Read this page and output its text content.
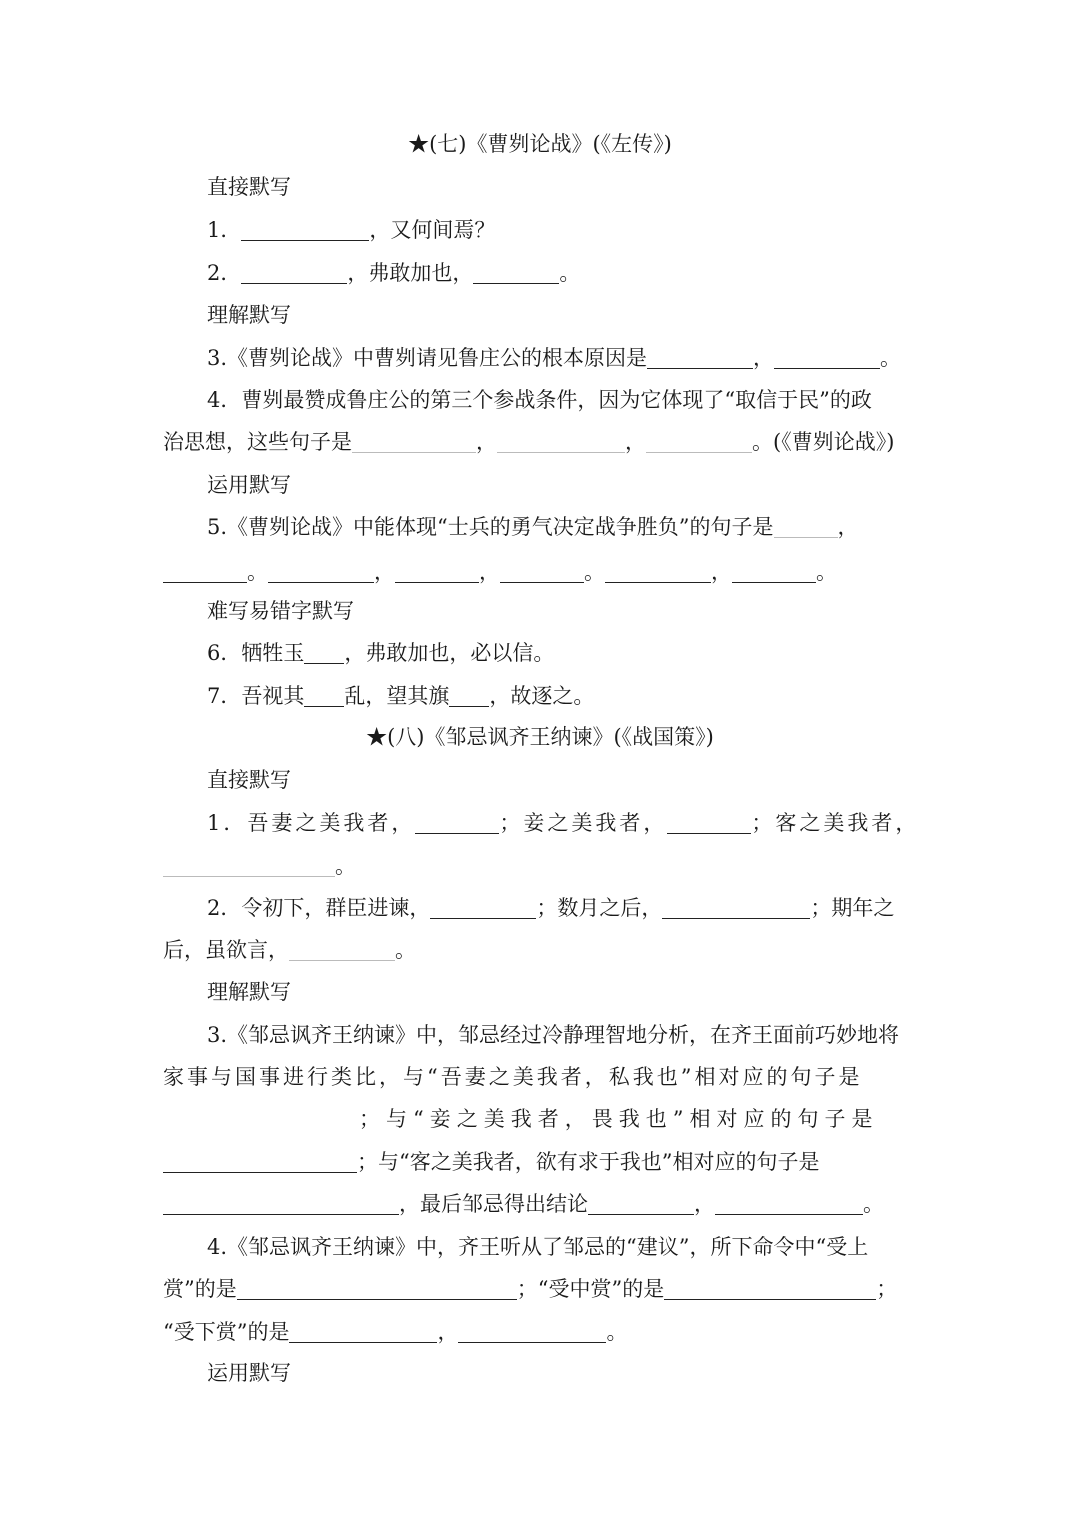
★(七)《曹刿论战》(《左传》)
直接默写
1．	，又何间焉？
2．	，弗敢加也，	。
理解默写
3.《曹刿论战》中曹刿请见鲁庄公的根本原因是	，	。
4．曹刿最赞成鲁庄公的第三个参战条件，因为它体现了“取信于民”的政
治思想，这些句子是	，	，	。(《曹刿论战》)
运用默写
5.《曹刿论战》中能体现“士兵的勇气决定战争胜负”的句子是	，
。	，	，	。	，	。
难写易错字默写
6．牺牲玉 ，弗敢加也，必以信。
7．吾视其 乱，望其旗 ，故逐之。
★(八)《邹忌讽齐王纳谏》(《战国策》)
直接默写
1．吾妻之美我者，	；妾之美我者，	；客之美我者，
。
2．令初下，群臣进谏，	；数月之后，	；期年之
后，虽欲言，	。
理解默写
3.《邹忌讽齐王纳谏》中，邹忌经过冷静理智地分析，在齐王面前巧妙地将
家事与国事进行类比，与“吾妻之美我者，私我也”相对应的句子是
；与“妾之美我者，畏我也”相对应的句子是
；与“客之美我者，欲有求于我也”相对应的句子是
，最后邹忌得出结论	，	。
4.《邹忌讽齐王纳谏》中，齐王听从了邹忌的“建议”，所下命令中“受上
赏”的是	；“受中赏”的是	；
“受下赏”的是	，	。
运用默写
